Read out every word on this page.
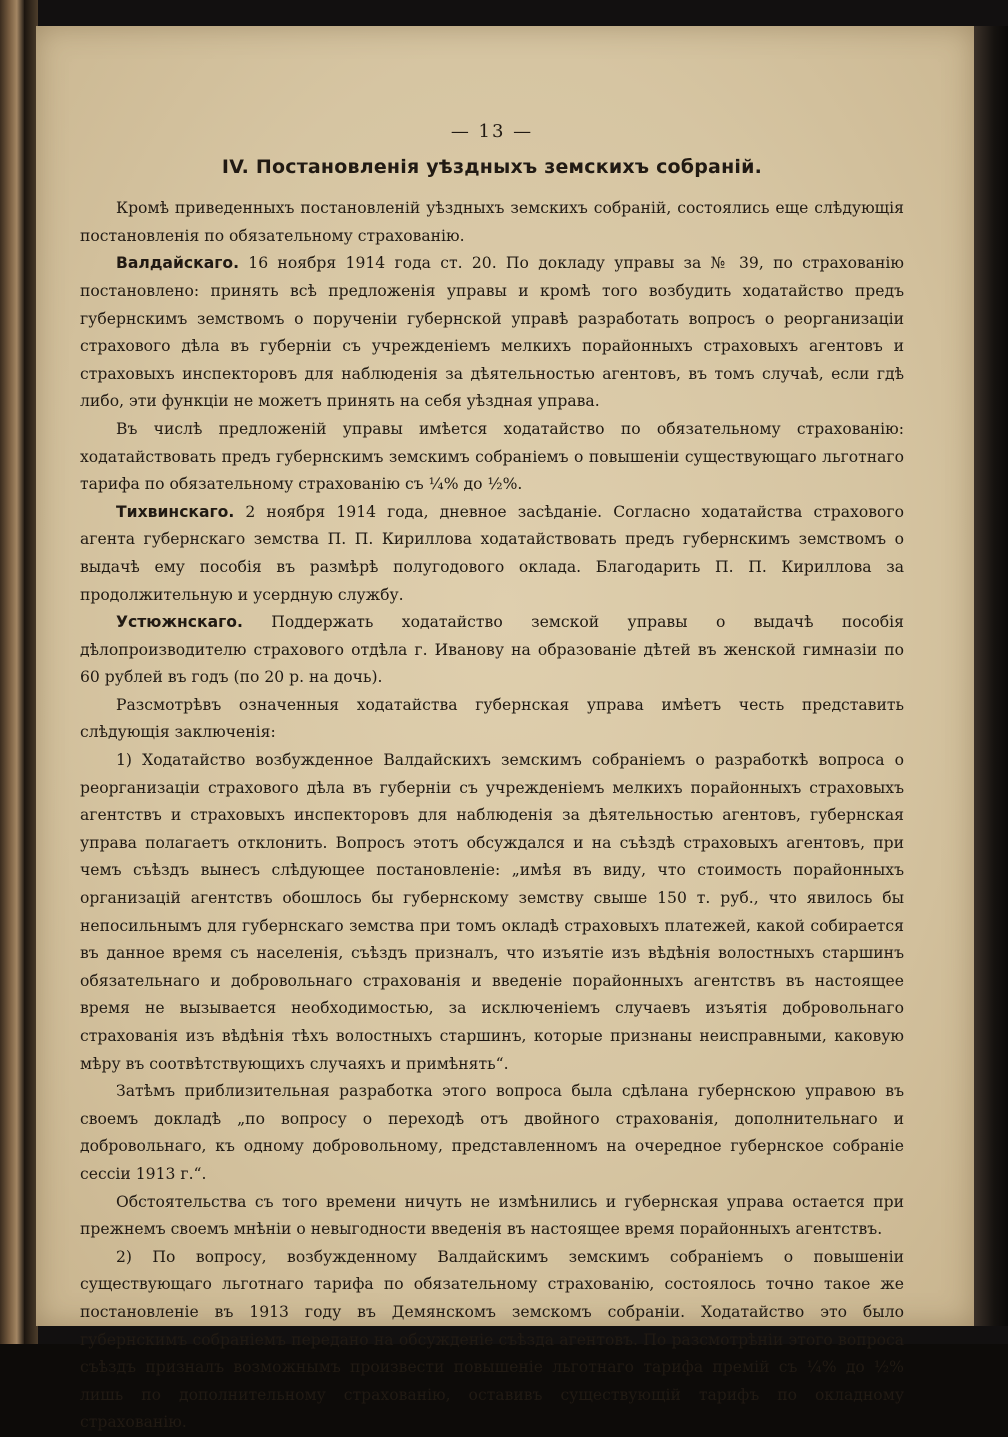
— 13 —
IV. Постановленія уѣздныхъ земскихъ собраній.

Кромѣ приведенныхъ постановленій уѣздныхъ земскихъ собраній, состоялись еще слѣдующія постановленія по обязательному страхованію.

Валдайскаго. 16 ноября 1914 года ст. 20. По докладу управы за № 39, по страхованію постановлено: принять всѣ предложенія управы и кромѣ того возбудить ходатайство предъ губернскимъ земствомъ о порученіи губернской управѣ разработать вопросъ о реорганизаціи страхового дѣла въ губерніи съ учрежденіемъ мелкихъ порайонныхъ страховыхъ агентовъ и страховыхъ инспекторовъ для наблюденія за дѣятельностью агентовъ, въ томъ случаѣ, если гдѣ либо, эти функціи не можетъ принять на себя уѣздная управа.

Въ числѣ предложеній управы имѣется ходатайство по обязательному страхованію: ходатайствовать предъ губернскимъ земскимъ собраніемъ о повышеніи существующаго льготнаго тарифа по обязательному страхованію съ ¼% до ½%.

Тихвинскаго. 2 ноября 1914 года, дневное засѣданіе. Согласно ходатайства страхового агента губернскаго земства П. П. Кириллова ходатайствовать предъ губернскимъ земствомъ о выдачѣ ему пособія въ размѣрѣ полугодового оклада. Благодарить П. П. Кириллова за продолжительную и усердную службу.

Устюжнскаго. Поддержать ходатайство земской управы о выдачѣ пособія дѣлопроизводителю страхового отдѣла г. Иванову на образованіе дѣтей въ женской гимназіи по 60 рублей въ годъ (по 20 р. на дочь).

Разсмотрѣвъ означенныя ходатайства губернская управа имѣетъ честь представить слѣдующія заключенія:

1) Ходатайство возбужденное Валдайскихъ земскимъ собраніемъ о разработкѣ вопроса о реорганизаціи страхового дѣла въ губерніи съ учрежденіемъ мелкихъ порайонныхъ страховыхъ агентствъ и страховыхъ инспекторовъ для наблюденія за дѣятельностью агентовъ, губернская управа полагаетъ отклонить. Вопросъ этотъ обсуждался и на съѣздѣ страховыхъ агентовъ, при чемъ съѣздъ вынесъ слѣдующее постановленіе: „имѣя въ виду, что стоимость порайонныхъ организацій агентствъ обошлось бы губернскому земству свыше 150 т. руб., что явилось бы непосильнымъ для губернскаго земства при томъ окладѣ страховыхъ платежей, какой собирается въ данное время съ населенія, съѣздъ призналъ, что изъятіе изъ вѣдѣнія волостныхъ старшинъ обязательнаго и добровольнаго страхованія и введеніе порайонныхъ агентствъ въ настоящее время не вызывается необходимостью, за исключеніемъ случаевъ изъятія добровольнаго страхованія изъ вѣдѣнія тѣхъ волостныхъ старшинъ, которые признаны неисправными, каковую мѣру въ соотвѣтствующихъ случаяхъ и примѣнять“.

Затѣмъ приблизительная разработка этого вопроса была сдѣлана губернскою управою въ своемъ докладѣ „по вопросу о переходѣ отъ двойного страхованія, дополнительнаго и добровольнаго, къ одному добровольному, представленномъ на очередное губернское собраніе сессіи 1913 г.“.

Обстоятельства съ того времени ничуть не измѣнились и губернская управа остается при прежнемъ своемъ мнѣніи о невыгодности введенія въ настоящее время порайонныхъ агентствъ.

2) По вопросу, возбужденному Валдайскимъ земскимъ собраніемъ о повышеніи существующаго льготнаго тарифа по обязательному страхованію, состоялось точно такое же постановленіе въ 1913 году въ Демянскомъ земскомъ собраніи. Ходатайство это было губернскимъ собраніемъ передано на обсужденіе съѣзда агентовъ. По разсмотрѣніи этого вопроса съѣздъ призналъ возможнымъ произвести повышеніе льготнаго тарифа премій съ ¼% до ½% лишь по дополнительному страхованію, оставивъ существующій тарифъ по окладному страхованію.
